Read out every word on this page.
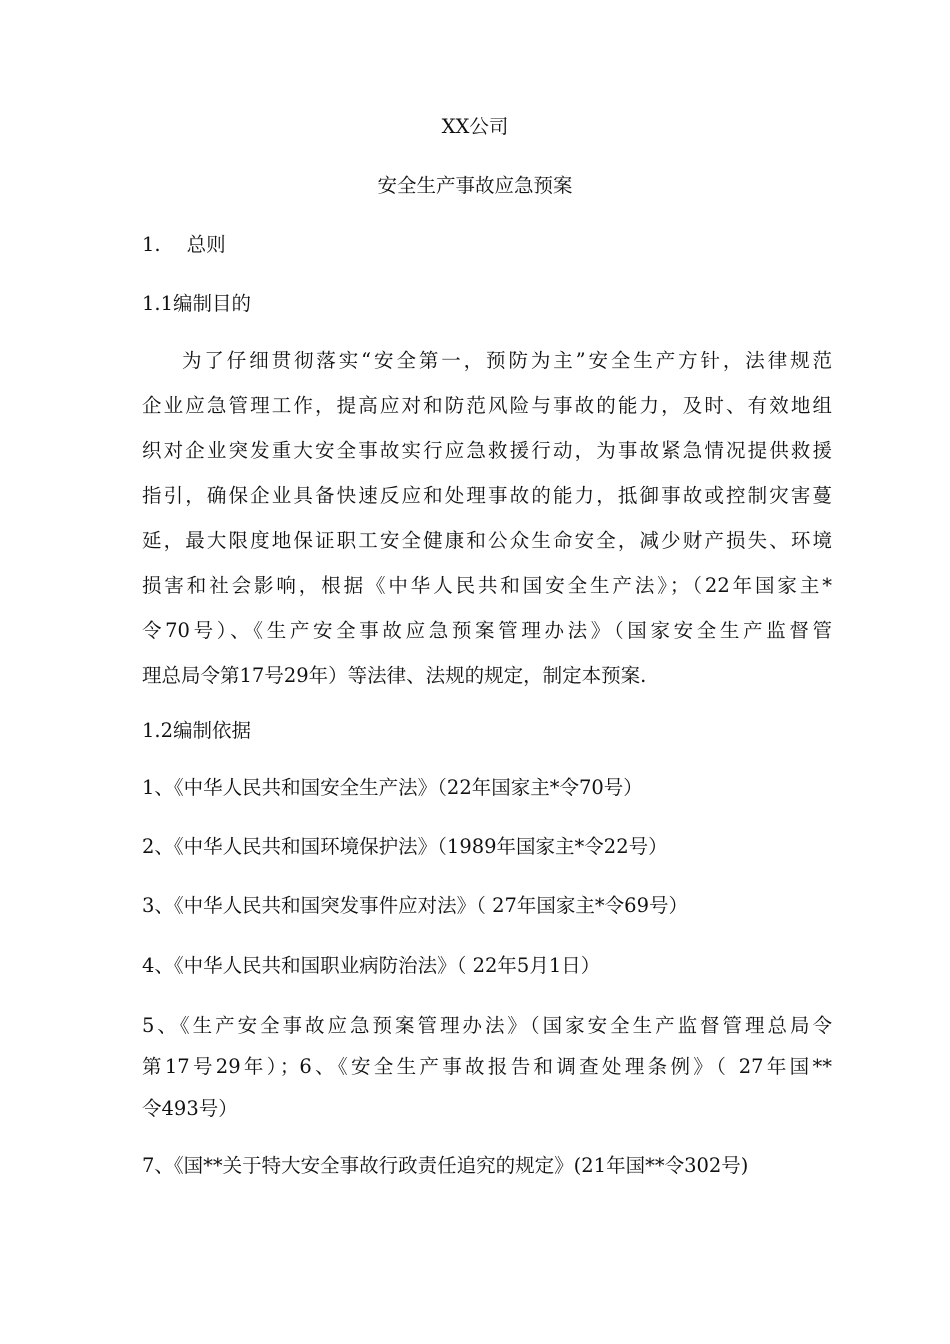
XX公司
安全生产事故应急预案
1. 总则
1.1编制目的
为了仔细贯彻落实“安全第一，预防为主”安全生产方针，法律规范
企业应急管理工作，提高应对和防范风险与事故的能力，及时、有效地组
织对企业突发重大安全事故实行应急救援行动，为事故紧急情况提供救援
指引，确保企业具备快速反应和处理事故的能力，抵御事故或控制灾害蔓
延，最大限度地保证职工安全健康和公众生命安全，减少财产损失、环境
损害和社会影响，根据《中华人民共和国安全生产法》；（22年国家主*
令70号）、《生产安全事故应急预案管理办法》（国家安全生产监督管
理总局令第17号29年）等法律、法规的规定，制定本预案.
1.2编制依据
1、《中华人民共和国安全生产法》（22年国家主*令70号）
2、《中华人民共和国环境保护法》（1989年国家主*令22号）
3、《中华人民共和国突发事件应对法》（ 27年国家主*令69号）
4、《中华人民共和国职业病防治法》（ 22年5月1日）
5、《生产安全事故应急预案管理办法》（国家安全生产监督管理总局令
第17号29年）；6、《安全生产事故报告和调查处理条例》（ 27年国**
令493号）
7、《国**关于特大安全事故行政责任追究的规定》(21年国**令302号)
